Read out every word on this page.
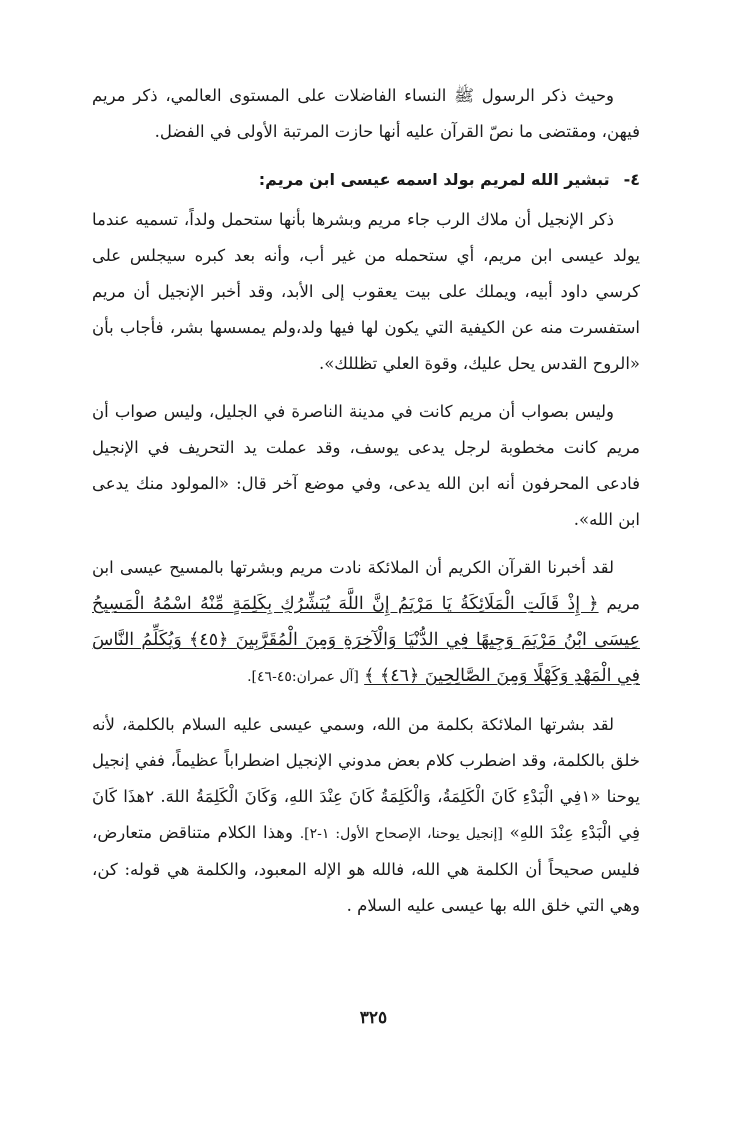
وحيث ذكر الرسول ﷺ النساء الفاضلات على المستوى العالمي، ذكر مريم فيهن، ومقتضى ما نصّ القرآن عليه أنها حازت المرتبة الأولى في الفضل.

٤-تبشير الله لمريم بولد اسمه عيسى ابن مريم:

ذكر الإنجيل أن ملاك الرب جاء مريم وبشرها بأنها ستحمل ولداً، تسميه عندما يولد عيسى ابن مريم، أي ستحمله من غير أب، وأنه بعد كبره سيجلس على كرسي داود أبيه، ويملك على بيت يعقوب إلى الأبد، وقد أخبر الإنجيل أن مريم استفسرت منه عن الكيفية التي يكون لها فيها ولد،ولم يمسسها بشر، فأجاب بأن «الروح القدس يحل عليك، وقوة العلي تظللك».

وليس بصواب أن مريم كانت في مدينة الناصرة في الجليل، وليس صواب أن مريم كانت مخطوبة لرجل يدعى يوسف، وقد عملت يد التحريف في الإنجيل فادعى المحرفون أنه ابن الله يدعى، وفي موضع آخر قال: «المولود منك يدعى ابن الله».

لقد أخبرنا القرآن الكريم أن الملائكة نادت مريم وبشرتها بالمسيح عيسى ابن مريم ﴿ إِذْ قَالَتِ الْمَلَائِكَةُ يَا مَرْيَمُ إِنَّ اللَّهَ يُبَشِّرُكِ بِكَلِمَةٍ مِّنْهُ اسْمُهُ الْمَسِيحُ عِيسَى ابْنُ مَرْيَمَ وَجِيهًا فِي الدُّنْيَا وَالْآخِرَةِ وَمِنَ الْمُقَرَّبِينَ ﴿٤٥﴾ وَيُكَلِّمُ النَّاسَ فِي الْمَهْدِ وَكَهْلًا وَمِنَ الصَّالِحِينَ ﴿٤٦﴾ ﴾ [آل عمران:٤٥-٤٦].

لقد بشرتها الملائكة بكلمة من الله، وسمي عيسى عليه السلام بالكلمة، لأنه خلق بالكلمة، وقد اضطرب كلام بعض مدوني الإنجيل اضطراباً عظيماً، ففي إنجيل يوحنا «١فِي الْبَدْءِ كَانَ الْكَلِمَةُ، وَالْكَلِمَةُ كَانَ عِنْدَ اللهِ، وَكَانَ الْكَلِمَةُ اللهَ. ٢هذَا كَانَ فِي الْبَدْءِ عِنْدَ اللهِ» [إنجيل يوحنا، الإصحاح الأول: ١-٢]. وهذا الكلام متناقض متعارض، فليس صحيحاً أن الكلمة هي الله، فالله هو الإله المعبود، والكلمة هي قوله: كن، وهي التي خلق الله بها عيسى عليه السلام .

٣٢٥
